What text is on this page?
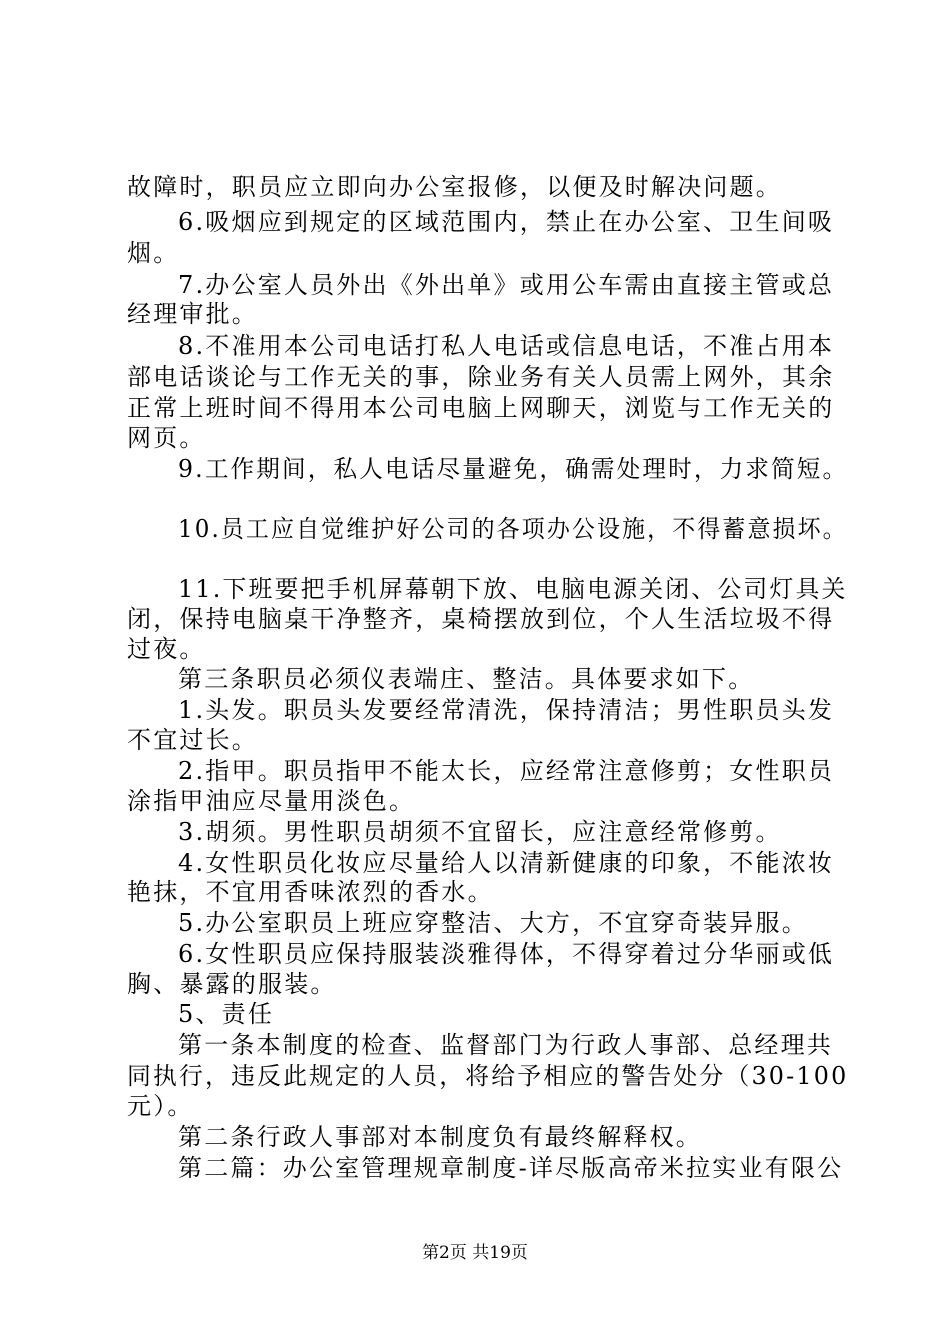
故障时，职员应立即向办公室报修，以便及时解决问题。
6.吸烟应到规定的区域范围内，禁止在办公室、卫生间吸
烟。
7.办公室人员外出《外出单》或用公车需由直接主管或总
经理审批。
8.不准用本公司电话打私人电话或信息电话，不准占用本
部电话谈论与工作无关的事，除业务有关人员需上网外，其余
正常上班时间不得用本公司电脑上网聊天，浏览与工作无关的
网页。
9.工作期间，私人电话尽量避免，确需处理时，力求简短。
10.员工应自觉维护好公司的各项办公设施，不得蓄意损坏。
11.下班要把手机屏幕朝下放、电脑电源关闭、公司灯具关
闭，保持电脑桌干净整齐，桌椅摆放到位，个人生活垃圾不得
过夜。
第三条职员必须仪表端庄、整洁。具体要求如下。
1.头发。职员头发要经常清洗，保持清洁；男性职员头发
不宜过长。
2.指甲。职员指甲不能太长，应经常注意修剪；女性职员
涂指甲油应尽量用淡色。
3.胡须。男性职员胡须不宜留长，应注意经常修剪。
4.女性职员化妆应尽量给人以清新健康的印象，不能浓妆
艳抹，不宜用香味浓烈的香水。
5.办公室职员上班应穿整洁、大方，不宜穿奇装异服。
6.女性职员应保持服装淡雅得体，不得穿着过分华丽或低
胸、暴露的服装。
5、责任
第一条本制度的检查、监督部门为行政人事部、总经理共
同执行，违反此规定的人员，将给予相应的警告处分（30-100
元）。
第二条行政人事部对本制度负有最终解释权。
第二篇：办公室管理规章制度-详尽版高帝米拉实业有限公
第2页 共19页
